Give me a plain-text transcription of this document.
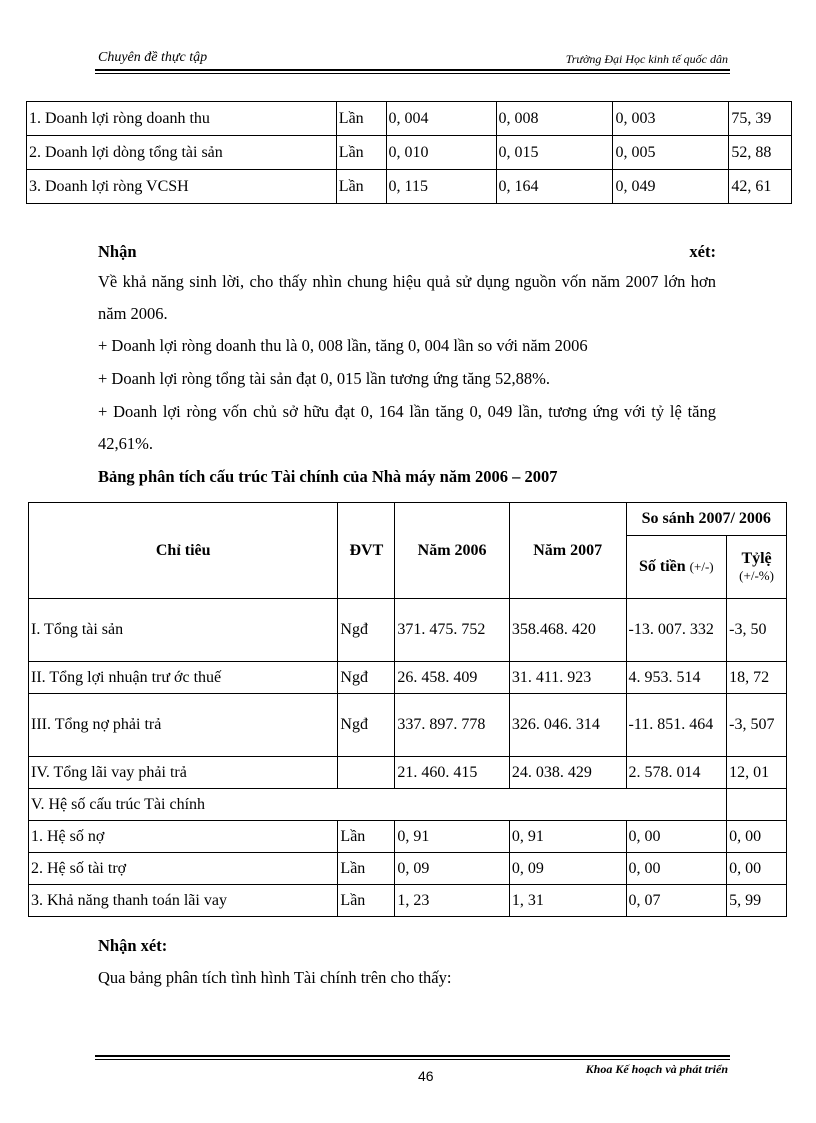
Chuyên đề thực tập	Trường Đại Học kinh tế quốc dân
1. Doanh lợi ròng doanh thu	Lần	0, 004	0, 008	0, 003	75, 39
2. Doanh lợi dòng tổng tài sản	Lần	0, 010	0, 015	0, 005	52, 88
3. Doanh lợi ròng VCSH	Lần	0, 115	0, 164	0, 049	42, 61
Nhận	xét:
Về khả năng sinh lời, cho thấy nhìn chung hiệu quả sử dụng nguồn vốn năm 2007 lớn hơn năm 2006.
+ Doanh lợi ròng doanh thu là 0, 008 lần, tăng 0, 004 lần so với năm 2006
+ Doanh lợi ròng tổng tài sản đạt 0, 015 lần tương ứng tăng 52,88%.
+ Doanh lợi ròng vốn chủ sở hữu đạt 0, 164 lần tăng 0, 049 lần, tương ứng với tỷ lệ tăng 42,61%.
Bảng phân tích cấu trúc Tài chính của Nhà máy năm 2006 – 2007
Chỉ tiêu	ĐVT	Năm 2006	Năm 2007	So sánh 2007/ 2006	
				Số tiền (+/-)	Tỷlệ
(+/-%)

I. Tổng tài sản	Ngđ	371. 475. 752	358.468. 420	-13. 007. 332	-3, 50
II. Tổng lợi nhuận trư ớc thuế	Ngđ	26. 458. 409	31. 411. 923	4. 953. 514	18, 72
III. Tổng nợ phải trả	Ngđ	337. 897. 778	326. 046. 314	-11. 851. 464	-3, 507
IV. Tổng lãi vay phải trả		21. 460. 415	24. 038. 429	2. 578. 014	12, 01
V. Hệ số cấu trúc Tài chính					
1. Hệ số nợ	Lần	0, 91	0, 91	0, 00	0, 00
2. Hệ số tài trợ	Lần	0, 09	0, 09	0, 00	0, 00
3. Khả năng thanh toán lãi vay	Lần	1, 23	1, 31	0, 07	5, 99
Nhận xét:
Qua bảng phân tích tình hình Tài chính trên cho thấy:
46	Khoa Kế hoạch và phát triển
